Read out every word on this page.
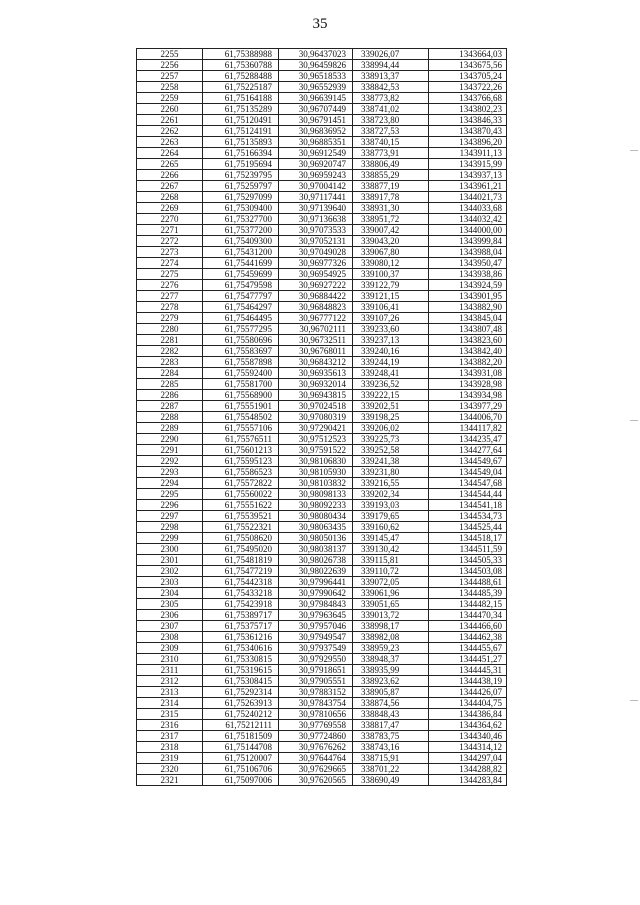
35
2255	61,75388988	30,96437023	339026,07	1343664,03
2256	61,75360788	30,96459826	338994,44	1343675,56
2257	61,75288488	30,96518533	338913,37	1343705,24
2258	61,75225187	30,96552939	338842,53	1343722,26
2259	61,75164188	30,96639145	338773,82	1343766,68
2260	61,75135289	30,96707449	338741,02	1343802,23
2261	61,75120491	30,96791451	338723,80	1343846,33
2262	61,75124191	30,96836952	338727,53	1343870,43
2263	61,75135893	30,96885351	338740,15	1343896,20
2264	61,75166394	30,96912549	338773,91	1343911,13
2265	61,75195694	30,96920747	338806,49	1343915,99
2266	61,75239795	30,96959243	338855,29	1343937,13
2267	61,75259797	30,97004142	338877,19	1343961,21
2268	61,75297099	30,97117441	338917,78	1344021,73
2269	61,75309400	30,97139640	338931,30	1344033,68
2270	61,75327700	30,97136638	338951,72	1344032,42
2271	61,75377200	30,97073533	339007,42	1344000,00
2272	61,75409300	30,97052131	339043,20	1343999,84
2273	61,75431200	30,97049028	339067,80	1343988,04
2274	61,75441699	30,96977326	339080,12	1343950,47
2275	61,75459699	30,96954925	339100,37	1343938,86
2276	61,75479598	30,96927222	339122,79	1343924,59
2277	61,75477797	30,96884422	339121,15	1343901,95
2278	61,75464297	30,96848823	339106,41	1343882,90
2279	61,75464495	30,96777122	339107,26	1343845,04
2280	61,75577295	30,96702111	339233,60	1343807,48
2281	61,75580696	30,96732511	339237,13	1343823,60
2282	61,75583697	30,96768011	339240,16	1343842,40
2283	61,75587898	30,96843212	339244,19	1343882,20
2284	61,75592400	30,96935613	339248,41	1343931,08
2285	61,75581700	30,96932014	339236,52	1343928,98
2286	61,75568900	30,96943815	339222,15	1343934,98
2287	61,75551901	30,97024518	339202,51	1343977,29
2288	61,75548502	30,97080319	339198,25	1344006,70
2289	61,75557106	30,97290421	339206,02	1344117,82
2290	61,75576511	30,97512523	339225,73	1344235,47
2291	61,75601213	30,97591522	339252,58	1344277,64
2292	61,75595123	30,98106830	339241,38	1344549,67
2293	61,75586523	30,98105930	339231,80	1344549,04
2294	61,75572822	30,98103832	339216,55	1344547,68
2295	61,75560022	30,98098133	339202,34	1344544,44
2296	61,75551622	30,98092233	339193,03	1344541,18
2297	61,75539521	30,98080434	339179,65	1344534,73
2298	61,75522321	30,98063435	339160,62	1344525,44
2299	61,75508620	30,98050136	339145,47	1344518,17
2300	61,75495020	30,98038137	339130,42	1344511,59
2301	61,75481819	30,98026738	339115,81	1344505,33
2302	61,75477219	30,98022639	339110,72	1344503,08
2303	61,75442318	30,97996441	339072,05	1344488,61
2304	61,75433218	30,97990642	339061,96	1344485,39
2305	61,75423918	30,97984843	339051,65	1344482,15
2306	61,75389717	30,97963645	339013,72	1344470,34
2307	61,75375717	30,97957046	338998,17	1344466,60
2308	61,75361216	30,97949547	338982,08	1344462,38
2309	61,75340616	30,97937549	338959,23	1344455,67
2310	61,75330815	30,97929550	338948,37	1344451,27
2311	61,75319615	30,97918651	338935,99	1344445,31
2312	61,75308415	30,97905551	338923,62	1344438,19
2313	61,75292314	30,97883152	338905,87	1344426,07
2314	61,75263913	30,97843754	338874,56	1344404,75
2315	61,75240212	30,97810656	338848,43	1344386,84
2316	61,75212111	30,97769558	338817,47	1344364,62
2317	61,75181509	30,97724860	338783,75	1344340,46
2318	61,75144708	30,97676262	338743,16	1344314,12
2319	61,75120007	30,97644764	338715,91	1344297,04
2320	61,75106706	30,97629665	338701,22	1344288,82
2321	61,75097006	30,97620565	338690,49	1344283,84
